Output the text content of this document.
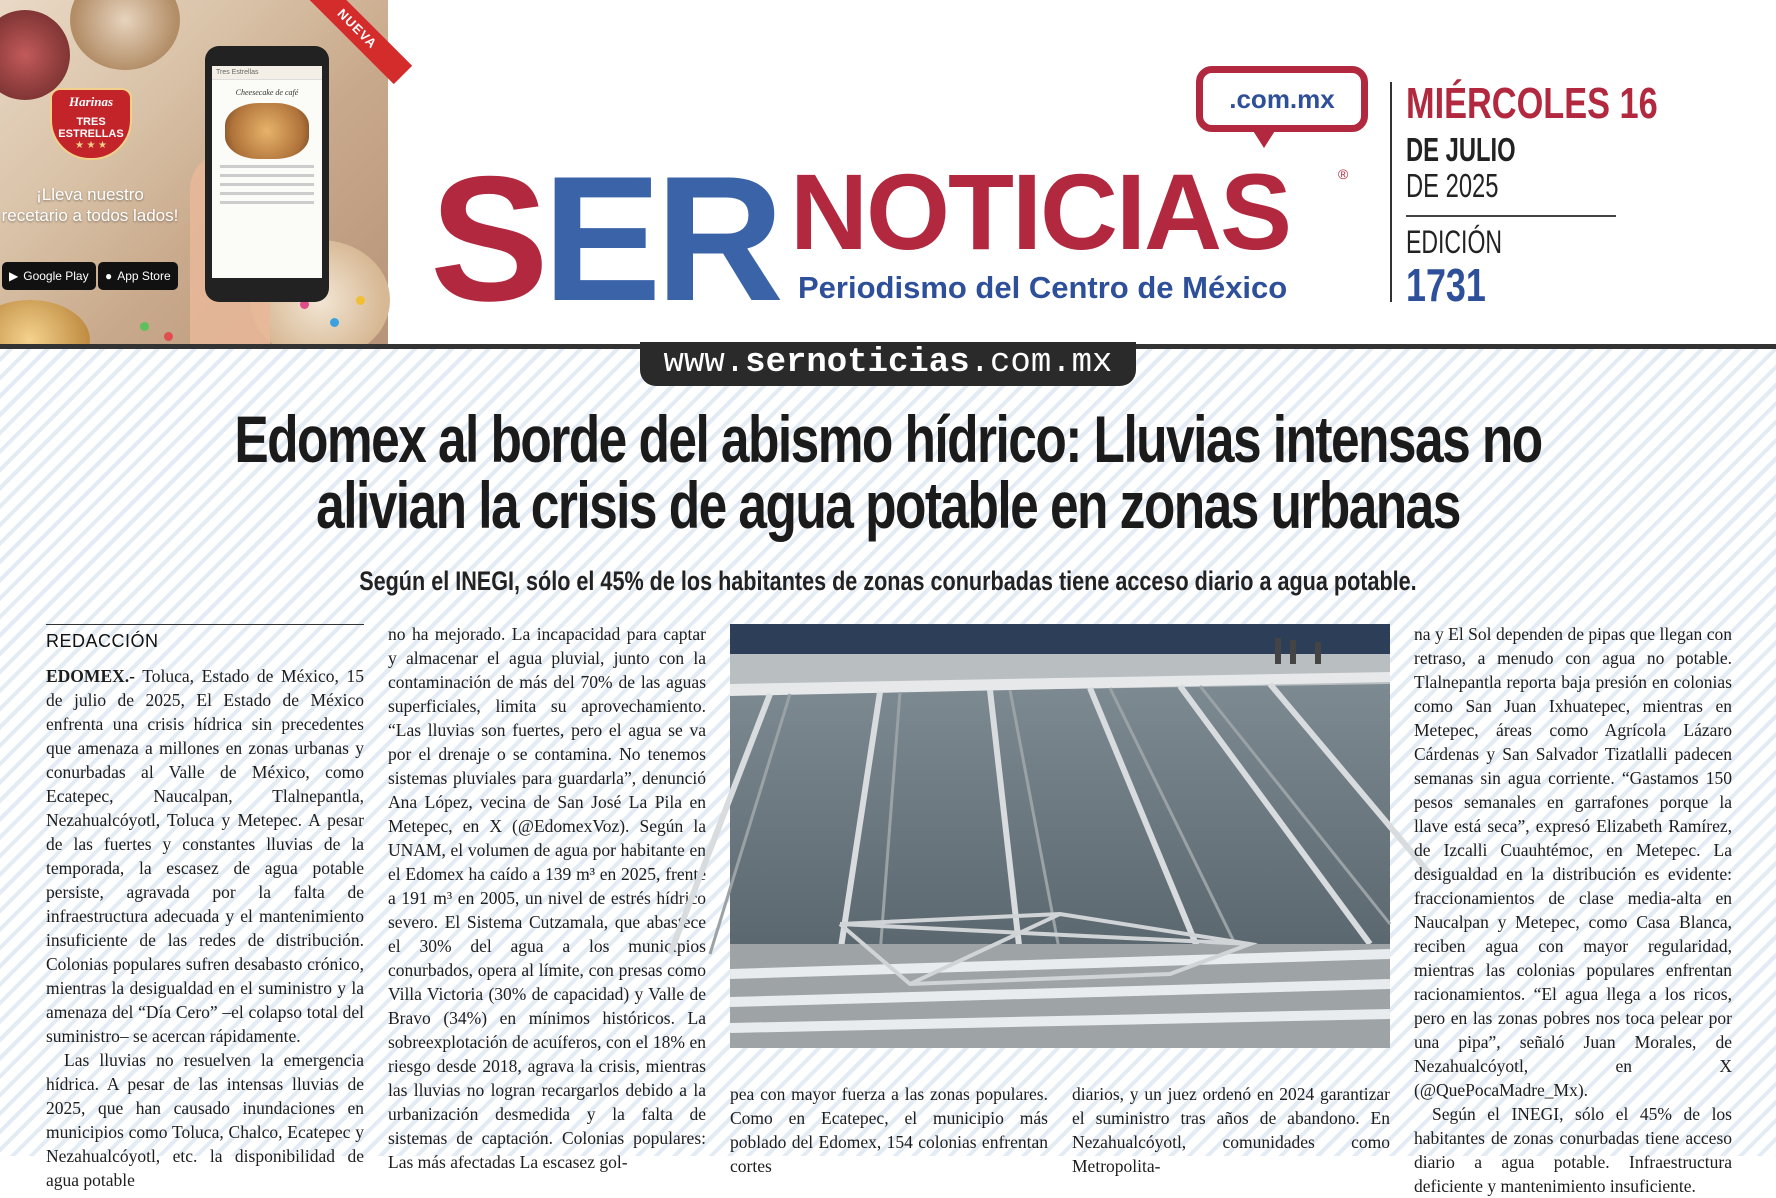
NUEVA
Harinas
TRES ESTRELLAS
★ ★ ★
¡Lleva nuestro
recetario a todos lados!
▶ Google Play ● App Store
Tres Estrellas
Cheesecake de café	.com.mx
SER NOTICIAS	®
Periodismo del Centro de México
MIÉRCOLES 16
DE JULIO
DE 2025
EDICIÓN
1731
www.sernoticias.com.mx
Edomex al borde del abismo hídrico: Lluvias intensas no
alivian la crisis de agua potable en zonas urbanas
Según el INEGI, sólo el 45% de los habitantes de zonas conurbadas tiene acceso diario a agua potable.
REDACCIÓN

EDOMEX.- Toluca, Estado de México, 15 de julio de 2025, El Estado de México enfrenta una crisis hídrica sin precedentes que amenaza a millones en zonas urbanas y conurbadas al Valle de México, como Ecatepec, Naucalpan, Tlalnepantla, Nezahualcóyotl, Toluca y Metepec. A pesar de las fuertes y constantes lluvias de la temporada, la escasez de agua potable persiste, agravada por la falta de infraestructura adecuada y el mantenimiento insuficiente de las redes de distribución. Colonias populares sufren desabasto crónico, mientras la desigualdad en el suministro y la amenaza del “Día Cero” –el colapso total del suministro– se acercan rápidamente.

Las lluvias no resuelven la emergencia hídrica. A pesar de las intensas lluvias de 2025, que han causado inundaciones en municipios como Toluca, Chalco, Ecatepec y Nezahualcóyotl, etc. la disponibilidad de agua potable

no ha mejorado. La incapacidad para captar y almacenar el agua pluvial, junto con la contaminación de más del 70% de las aguas superficiales, limita su aprovechamiento. “Las lluvias son fuertes, pero el agua se va por el drenaje o se contamina. No tenemos sistemas pluviales para guardarla”, denunció Ana López, vecina de San José La Pila en Metepec, en X (@EdomexVoz). Según la UNAM, el volumen de agua por habitante en el Edomex ha caído a 139 m³ en 2025, frente a 191 m³ en 2005, un nivel de estrés hídrico severo. El Sistema Cutzamala, que abastece el 30% del agua a los municipios conurbados, opera al límite, con presas como Villa Victoria (30% de capacidad) y Valle de Bravo (34%) en mínimos históricos. La sobreexplotación de acuíferos, con el 18% en riesgo desde 2018, agrava la crisis, mientras las lluvias no logran recargarlos debido a la urbanización desmedida y la falta de sistemas de captación. Colonias populares: Las más afectadas La escasez gol-

pea con mayor fuerza a las zonas populares. Como en Ecatepec, el municipio más poblado del Edomex, 154 colonias enfrentan cortes

diarios, y un juez ordenó en 2024 garantizar el suministro tras años de abandono. En Nezahualcóyotl, comunidades como Metropolita-

na y El Sol dependen de pipas que llegan con retraso, a menudo con agua no potable. Tlalnepantla reporta baja presión en colonias como San Juan Ixhuatepec, mientras en Metepec, áreas como Agrícola Lázaro Cárdenas y San Salvador Tizatlalli padecen semanas sin agua corriente. “Gastamos 150 pesos semanales en garrafones porque la llave está seca”, expresó Elizabeth Ramírez, de Izcalli Cuauhtémoc, en Metepec. La desigualdad en la distribución es evidente: fraccionamientos de clase media-alta en Naucalpan y Metepec, como Casa Blanca, reciben agua con mayor regularidad, mientras las colonias populares enfrentan racionamientos. “El agua llega a los ricos, pero en las zonas pobres nos toca pelear por una pipa”, señaló Juan Morales, de Nezahualcóyotl, en X (@QuePocaMadre_Mx).

Según el INEGI, sólo el 45% de los habitantes de zonas conurbadas tiene acceso diario a agua potable. Infraestructura deficiente y mantenimiento insuficiente.
